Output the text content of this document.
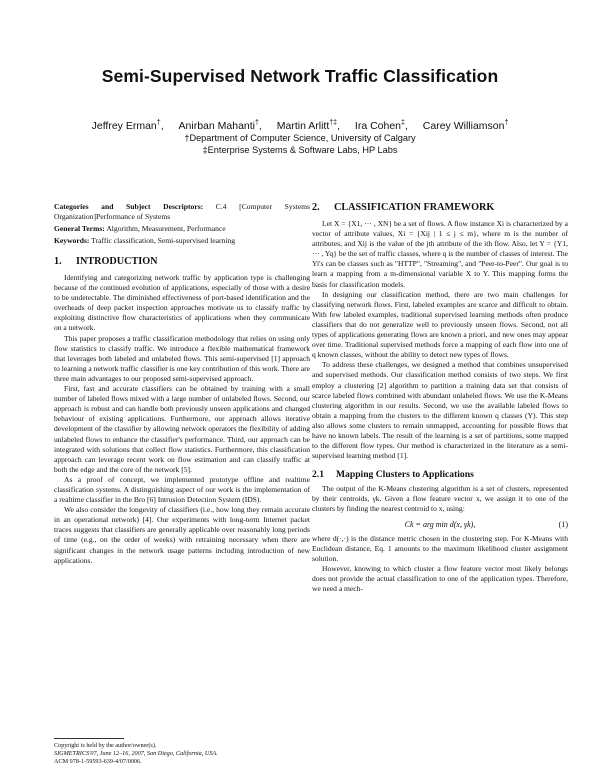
Semi-Supervised Network Traffic Classification
Jeffrey Erman†, Anirban Mahanti†, Martin Arlitt†‡, Ira Cohen‡, Carey Williamson†
†Department of Computer Science, University of Calgary
‡Enterprise Systems & Software Labs, HP Labs

Categories and Subject Descriptors: C.4 [Computer Systems Organization]Performance of Systems

General Terms: Algorithm, Measurement, Performance

Keywords: Traffic classification, Semi-supervised learning

1. INTRODUCTION

Identifying and categorizing network traffic by application type is challenging because of the continued evolution of applications, especially of those with a desire to be undetectable. The diminished effectiveness of port-based identification and the overheads of deep packet inspection approaches motivate us to classify traffic by exploiting distinctive flow characteristics of applications when they communicate on a network.

This paper proposes a traffic classification methodology that relies on using only flow statistics to classify traffic. We introduce a flexible mathematical framework that leverages both labeled and unlabeled flows. This semi-supervised [1] approach to learning a network traffic classifier is one key contribution of this work. There are three main advantages to our proposed semi-supervised approach.

First, fast and accurate classifiers can be obtained by training with a small number of labeled flows mixed with a large number of unlabeled flows. Second, our approach is robust and can handle both previously unseen applications and changed behaviour of existing applications. Furthermore, our approach allows iterative development of the classifier by allowing network operators the flexibility of adding unlabeled flows to enhance the classifier's performance. Third, our approach can be integrated with solutions that collect flow statistics. Furthermore, this classification approach can leverage recent work on flow estimation and can classify traffic at both the edge and the core of the network [5].

As a proof of concept, we implemented prototype offline and realtime classification systems. A distinguishing aspect of our work is the implementation of a realtime classifier in the Bro [6] Intrusion Detection System (IDS).

We also consider the longevity of classifiers (i.e., how long they remain accurate in an operational network) [4]. Our experiments with long-term Internet packet traces suggests that classifiers are generally applicable over reasonably long periods of time (e.g., on the order of weeks) with retraining necessary when there are significant changes in the network usage patterns including introduction of new applications.

2. CLASSIFICATION FRAMEWORK

Let X = {X1, ··· , XN} be a set of flows. A flow instance Xi is characterized by a vector of attribute values, Xi = {Xij | 1 ≤ j ≤ m}, where m is the number of attributes, and Xij is the value of the jth attribute of the ith flow. Also, let Y = {Y1, ··· , Yq} be the set of traffic classes, where q is the number of classes of interest. The Yi's can be classes such as "HTTP", "Streaming", and "Peer-to-Peer". Our goal is to learn a mapping from a m-dimensional variable X to Y. This mapping forms the basis for classification models.

In designing our classification method, there are two main challenges for classifying network flows. First, labeled examples are scarce and difficult to obtain. With few labeled examples, traditional supervised learning methods often produce classifiers that do not generalize well to previously unseen flows. Second, not all types of applications generating flows are known a priori, and new ones may appear over time. Traditional supervised methods force a mapping of each flow into one of q known classes, without the ability to detect new types of flows.

To address these challenges, we designed a method that combines unsupervised and supervised methods. Our classification method consists of two steps. We first employ a clustering [2] algorithm to partition a training data set that consists of scarce labeled flows combined with abundant unlabeled flows. We use the K-Means clustering algorithm in our results. Second, we use the available labeled flows to obtain a mapping from the clusters to the different known q classes (Y). This step also allows some clusters to remain unmapped, accounting for possible flows that have no known labels. The result of the learning is a set of partitions, some mapped to the different flow types. Our method is characterized in the literature as a semi-supervised learning method [1].

2.1 Mapping Clusters to Applications

The output of the K-Means clustering algorithm is a set of clusters, represented by their centroids, γk. Given a flow feature vector x, we assign it to one of the clusters by finding the nearest centroid to x, using:

Ck = arg min d(x, γk),	(1)

where d(·,·) is the distance metric chosen in the clustering step. For K-Means with Euclidean distance, Eq. 1 amounts to the maximum likelihood cluster assignment solution.

However, knowing to which cluster a flow feature vector most likely belongs does not provide the actual classification to one of the application types. Therefore, we need a mech-

Copyright is held by the author/owner(s).
SIGMETRICS'07, June 12–16, 2007, San Diego, California, USA.
ACM 978-1-59593-639-4/07/0006.
